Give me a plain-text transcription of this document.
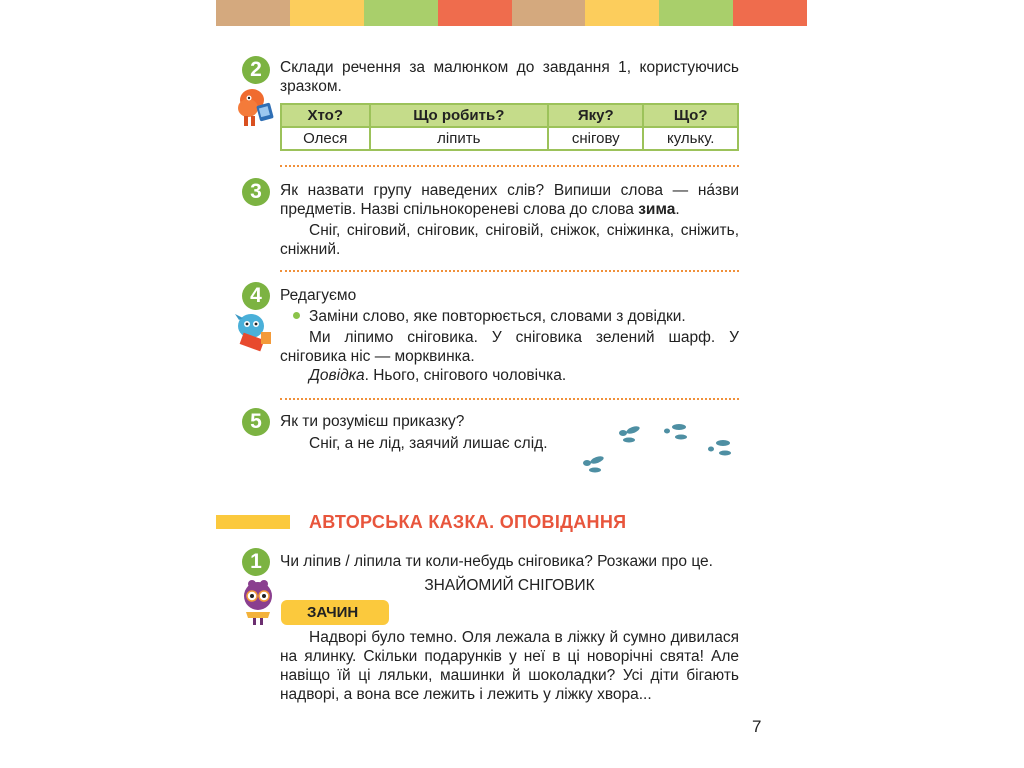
2	Склади речення за малюнком до завдання 1, користуючись зразком.
Хто?	Що робить?	Яку?	Що?
Олеся	ліпить	снігову	кульку.
3	Як назвати групу наведених слів? Випиши слова — на́зви предметів. Назві спільнокореневі слова до слова зима.
Сніг, сніговий, сніговик, сніговій, сніжок, сніжинка, сніжить, сніжний.
4	Редагуємо
Заміни слово, яке повторюється, словами з довідки.
Ми ліпимо сніговика. У сніговика зелений шарф. У сніговика ніс — морквинка.
Довідка. Нього, снігового чоловічка.
5	Як ти розумієш приказку?
Сніг, а не лід, заячий лишає слід.
АВТОРСЬКА КАЗКА. ОПОВІДАННЯ
1	Чи ліпив / ліпила ти коли-небудь сніговика? Розкажи про це.
ЗНАЙОМИЙ СНІГОВИК
ЗАЧИН
Надворі було темно. Оля лежала в ліжку й сумно дивилася на ялинку. Скільки подарунків у неї в ці новорічні свята! Але навіщо їй ці ляльки, машинки й шоколадки? Усі діти бігають надворі, а вона все лежить і лежить у ліжку хвора...
7
